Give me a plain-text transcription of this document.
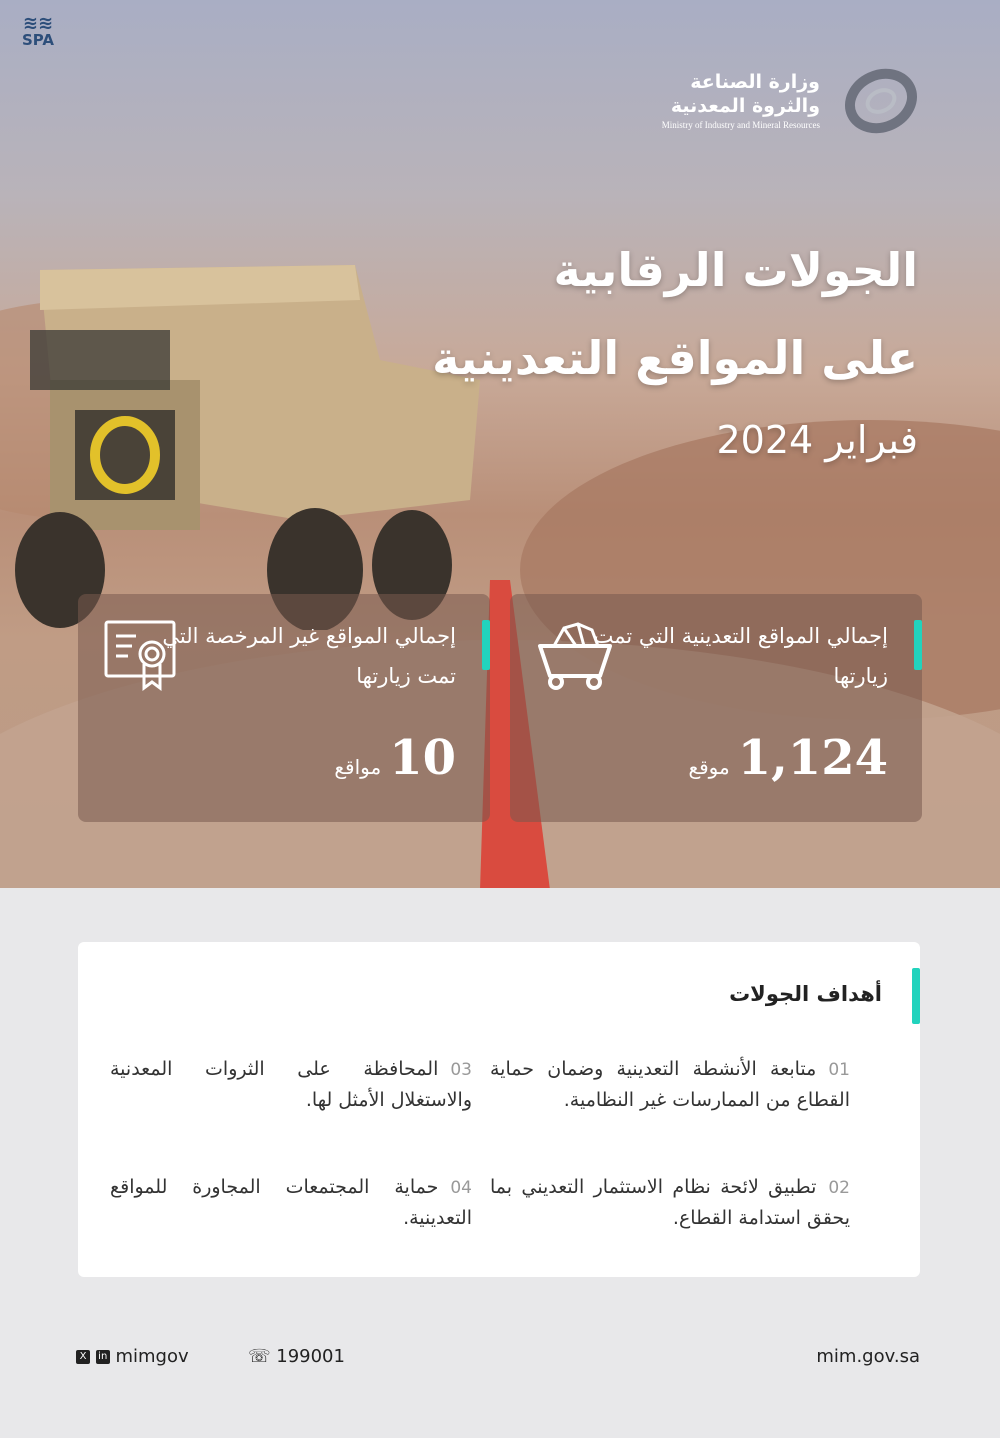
≋≋
SPA
وزارة الصناعة
والثروة المعدنية
Ministry of Industry and Mineral Resources
الجولات الرقابية
على المواقع التعدينية
فبراير 2024
إجمالي المواقع التعدينية التي تمت زيارتها
1,124موقع
إجمالي المواقع غير المرخصة التي تمت زيارتها
10مواقع
أهداف الجولات
01متابعة الأنشطة التعدينية وضمان حماية القطاع من الممارسات غير النظامية.
02تطبيق لائحة نظام الاستثمار التعديني بما يحقق استدامة القطاع.
03المحافظة على الثروات المعدنية والاستغلال الأمثل لها.
04حماية المجتمعات المجاورة للمواقع التعدينية.
X in mimgov	☏ 199001	mim.gov.sa
